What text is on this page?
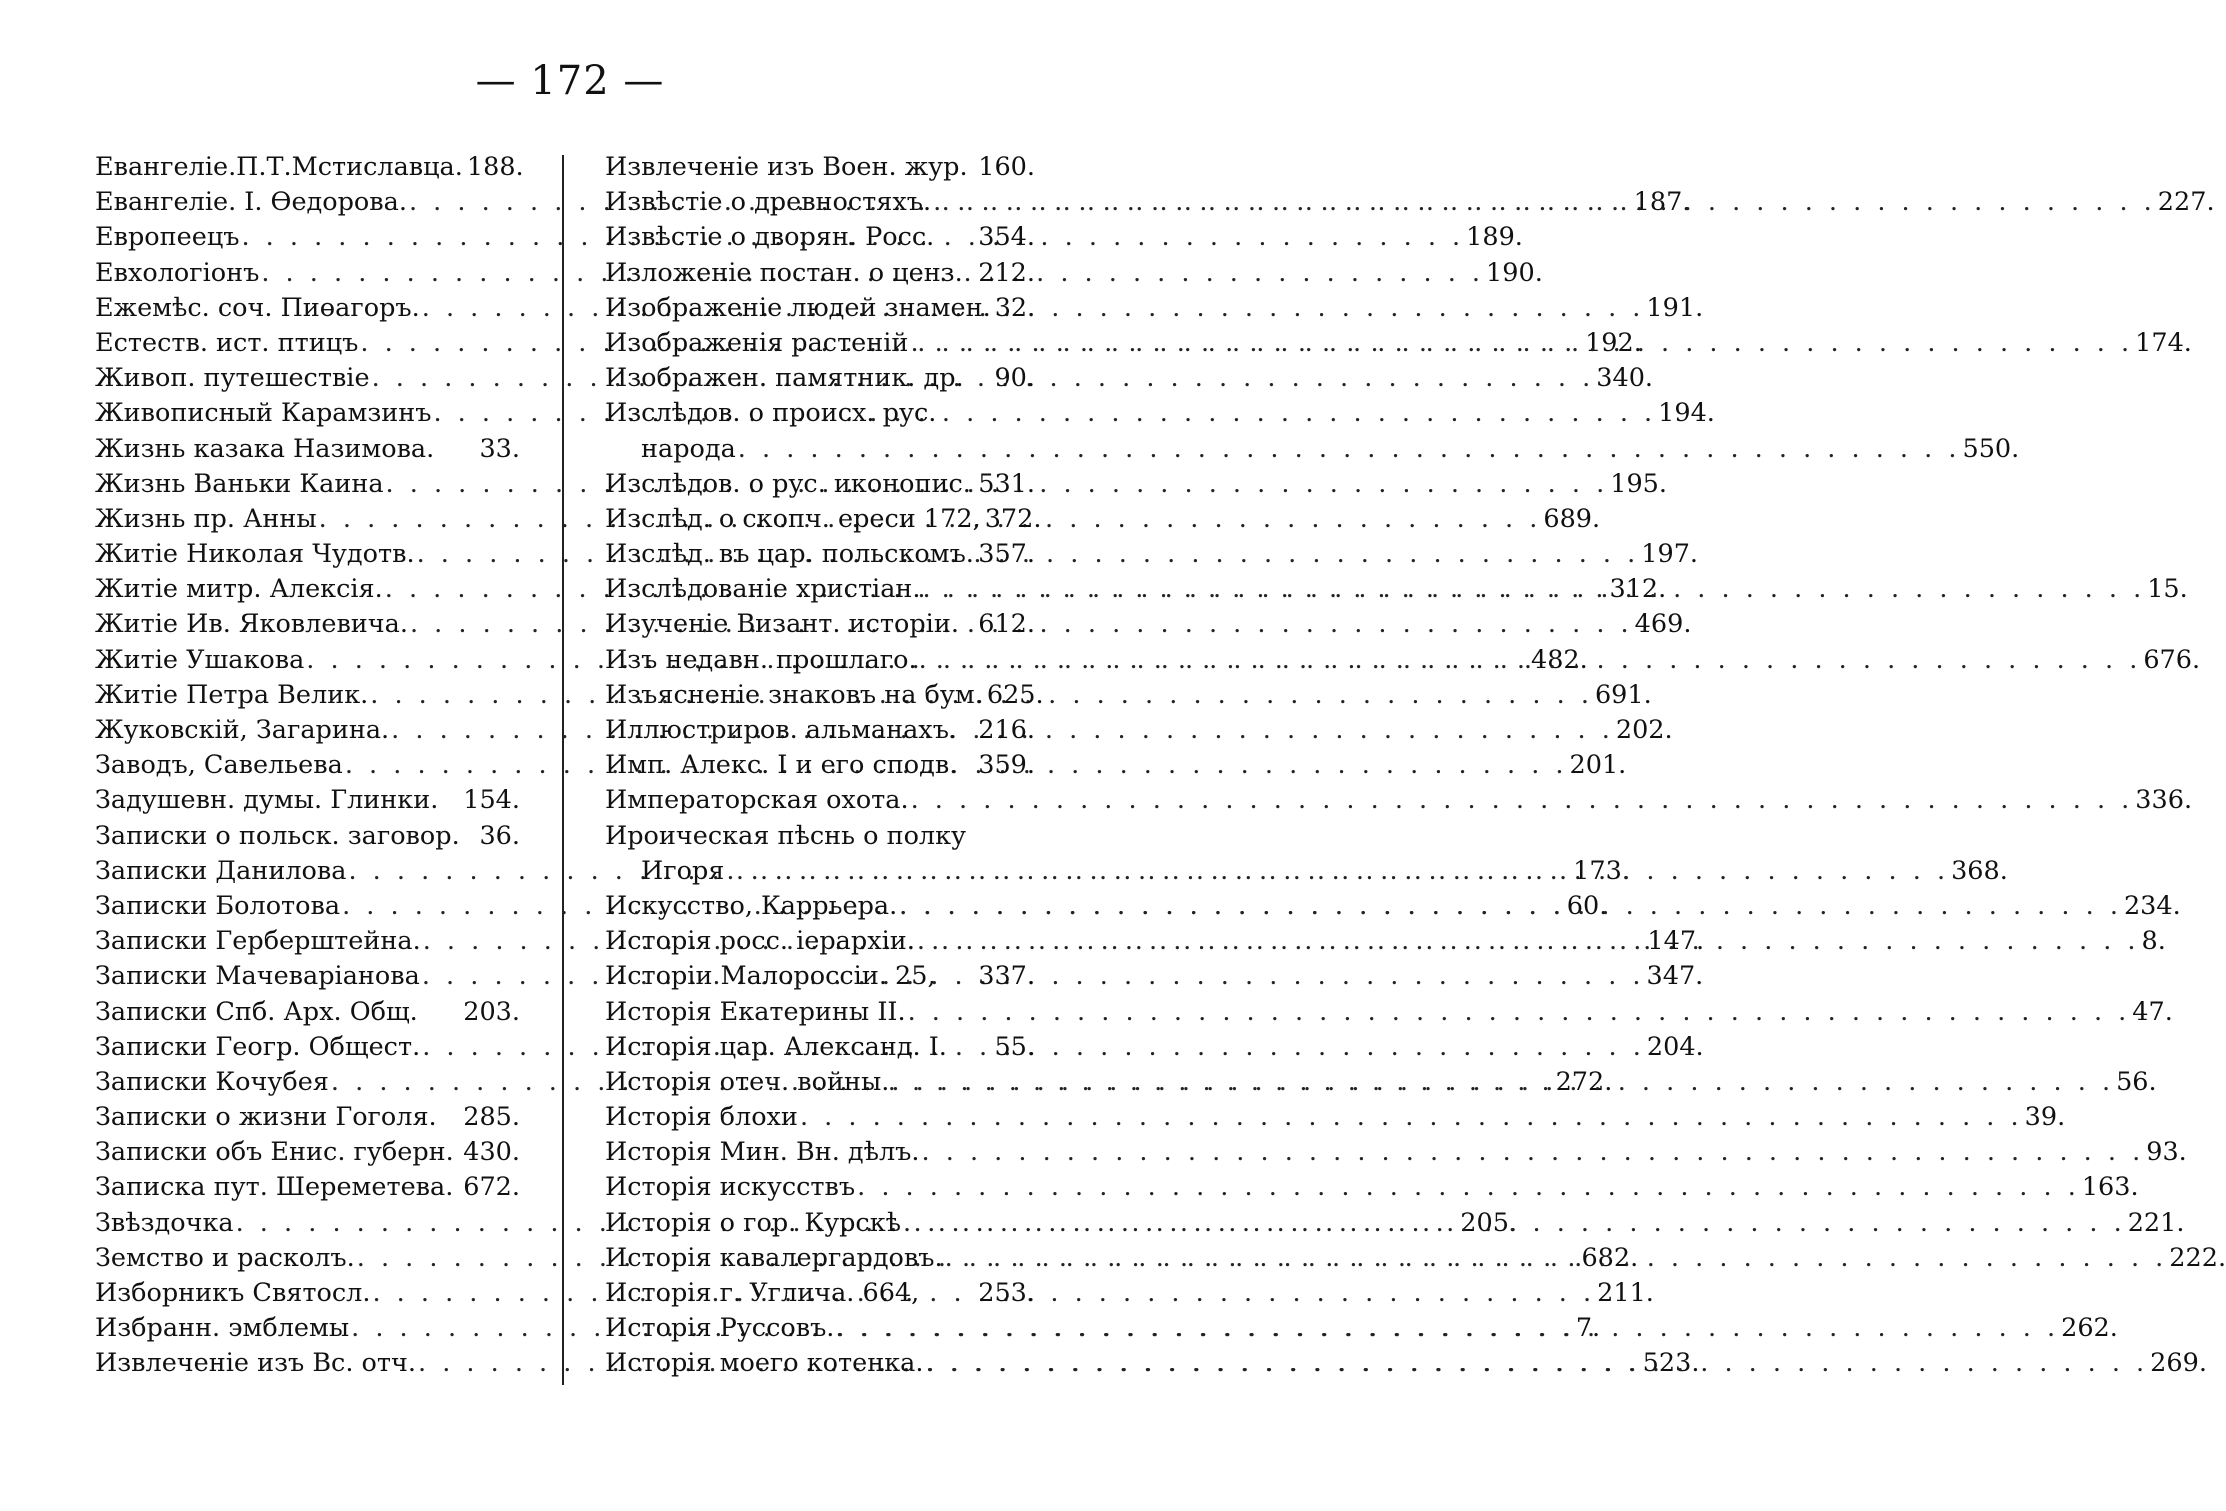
— 172 —
Евангеліе.П.Т.Мстиславца. 188.
Евангеліе. I. Өедорова. . . .	187.
Европеецъ . . .	189.
Евхологіонъ . . .	190.
Ежемѣс. соч. Пиөагоръ. . . .	191.
Естеств. ист. птицъ . . .	192.
Живоп. путешествіе . . .	340.
Живописный Карамзинъ . . .	194.
Жизнь казака Назимова. 33.
Жизнь Ваньки Каина . . .	195.
Жизнь пр. Анны . . .	689.
Житіе Николая Чудотв. . . .	197.
Житіе митр. Алексія. . . .	312.
Житіе Ив. Яковлевича. . . .	469.
Житіе Ушакова . . .	482.
Житіе Петра Велик. . . .	691.
Жуковскій, Загарина. . . .	202.
Заводъ, Савельева . . .	201.
Задушевн. думы. Глинки. 154.
Записки о польск. заговор. 36.
Записки Данилова . . .	173.
Записки Болотова . . .	60.
Записки Герберштейна. . . .	147.
Записки Мачеваріанова . . .	347.
Записки Спб. Арх. Общ. 203.
Записки Геогр. Общест. . . .	204.
Записки Кочубея . . .	272.
Записки о жизни Гоголя. 285.
Записки объ Енис. губерн. 430.
Записка пут. Шереметева. 672.
Звѣздочка . . .	205.
Земство и расколъ. . . .	682.
Изборникъ Святосл. . . .	211.
Избранн. эмблемы . . .	7.
Извлеченіе изъ Вс. отч. . . .	523.
Извлеченіе изъ Воен. жур. 160.
Извѣстіе о древностяхъ. . . .	227.
Извѣстіе о дворян. Росс. 354.
Изложеніе постан. о ценз. 212.
Изображеніе людей знамен. 32.
Изображенія растеній . . .	174.
Изображен. памятник. др. 90.
Изслѣдов. о происх. рус.
народа . . .	550.
Изслѣдов. о рус. иконопис. 531.
Изслѣд. о скопч. ереси 172, 372.
Изслѣд. въ цар. польскомъ. 357.
Изслѣдованіе христіан. . . .	15.
Изученіе Визант. исторіи. 612.
Изъ недавн. прошлаго. . . .	676.
Изъясненіе знаковъ на бум. 625.
Иллюстриров. альманахъ. 216.
Имп. Алекс. I и его сподв. 359.
Императорская охота. . . .	336.
Ироическая пѣснь о полку
Игоря . . .	368.
Искусство, Каррьера. . . .	234.
Исторія росс. іерархіи. . . .	8.
Исторіи Малороссіи. 25, 337.
Исторія Екатерины II. . . .	47.
Исторія цар. Александ. I. 55.
Исторія отеч. войны. . . .	56.
Исторія блохи . . .	39.
Исторія Мин. Вн. дѣлъ. . . .	93.
Исторія искусствъ . . .	163.
Исторія о гор. Курскѣ . . .	221.
Исторія кавалергардовъ. . . .	222.
Исторія г. Углича. 664, 253.
Исторія Руссовъ. . . .	262.
Исторія моего котенка. . . .	269.
